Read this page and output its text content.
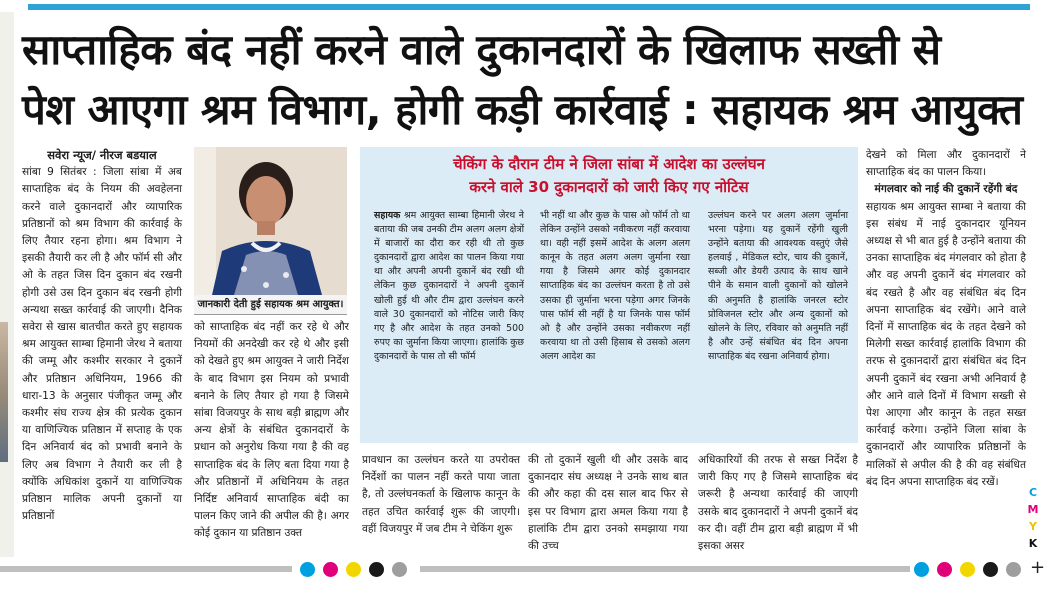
साप्ताहिक बंद नहीं करने वाले दुकानदारों के खिलाफ सख्ती से
पेश आएगा श्रम विभाग, होगी कड़ी कार्रवाई : सहायक श्रम आयुक्त

सवेरा न्यूज/ नीरज बडयाल

सांबा 9 सितंबर : जिला सांबा में अब साप्ताहिक बंद के नियम की अवहेलना करने वाले दुकानदारों और व्यापारिक प्रतिष्ठानों को श्रम विभाग की कार्रवाई के लिए तैयार रहना होगा। श्रम विभाग ने इसकी तैयारी कर ली है और फॉर्म सी और ओ के तहत जिस दिन दुकान बंद रखनी होगी उसे उस दिन दुकान बंद रखनी होगी अन्यथा सख्त कार्रवाई की जाएगी। दैनिक सवेरा से खास बातचीत करते हुए सहायक श्रम आयुक्त साम्बा हिमानी जेरथ ने बताया की जम्मू और कश्मीर सरकार ने दुकानें और प्रतिष्ठान अधिनियम, 1966 की धारा-13 के अनुसार पंजीकृत जम्मू और कश्मीर संघ राज्य क्षेत्र की प्रत्येक दुकान या वाणिज्यिक प्रतिष्ठान में सप्ताह के एक दिन अनिवार्य बंद को प्रभावी बनाने के लिए अब विभाग ने तैयारी कर ली है क्योंकि अधिकांश दुकानें या वाणिज्यिक प्रतिष्ठान मालिक अपनी दुकानों या प्रतिष्ठानों

जानकारी देती हुई सहायक श्रम आयुक्त।

को साप्ताहिक बंद नहीं कर रहे थे और नियमों की अनदेखी कर रहे थे और इसी को देखते हुए श्रम आयुक्त ने जारी निर्देश के बाद विभाग इस नियम को प्रभावी बनाने के लिए तैयार हो गया है जिसमे सांबा विजयपुर के साथ बड़ी ब्राह्मण और अन्य क्षेत्रों के संबंधित दुकानदारों के प्रधान को अनुरोध किया गया है की वह साप्ताहिक बंद के लिए बता दिया गया है और प्रतिष्ठानों में अधिनियम के तहत निर्दिष्ट अनिवार्य साप्ताहिक बंदी का पालन किए जाने की अपील की है। अगर कोई दुकान या प्रतिष्ठान उक्त

चेकिंग के दौरान टीम ने जिला सांबा में आदेश का उल्लंघन
करने वाले 30 दुकानदारों को जारी किए गए नोटिस
सहायक श्रम आयुक्त साम्बा हिमानी जेरथ ने बताया की जब उनकी टीम अलग अलग क्षेत्रों में बाजारों का दौरा कर रही थी तो कुछ दुकानदारों द्वारा आदेश का पालन किया गया था और अपनी अपनी दुकानें बंद रखी थी लेकिन कुछ दुकानदारों ने अपनी दुकानें खोली हुई थी और टीम द्वारा उल्लंघन करने वाले 30 दुकानदारों को नोटिस जारी किए गए है और आदेश के तहत उनको 500 रुपए का जुर्माना किया जाएगा। हालांकि कुछ दुकानदारों के पास तो सी फॉर्म
भी नहीं था और कुछ के पास ओ फॉर्म तो था लेकिन उन्होंने उसको नवीकरण नहीं करवाया था। वही नहीं इसमें आदेश के अलग अलग कानून के तहत अलग अलग जुर्माना रखा गया है जिसमे अगर कोई दुकानदार साप्ताहिक बंद का उल्लंघन करता है तो उसे उसका ही जुर्माना भरना पड़ेगा अगर जिनके पास फॉर्म सी नहीं है या जिनके पास फॉर्म ओ है और उन्होंने उसका नवीकरण नहीं करवाया था तो उसी हिसाब से उसको अलग अलग आदेश का
उल्लंघन करने पर अलग अलग जुर्माना भरना पड़ेगा। यह दुकानें रहेंगी खुली उन्होंने बताया की आवश्यक वस्तुएं जैसे हलवाई , मेडिकल स्टोर, चाय की दुकानें, सब्जी और डेयरी उत्पाद के साथ खाने पीने के समान वाली दुकानों को खोलने की अनुमति है हालांकि जनरल स्टोर प्रोविजनल स्टोर और अन्य दुकानों को खोलने के लिए, रविवार को अनुमति नहीं है और उन्हें संबंधित बंद दिन अपना साप्ताहिक बंद रखना अनिवार्य होगा।
प्रावधान का उल्लंघन करते या उपरोक्त निर्देशों का पालन नहीं करते पाया जाता है, तो उल्लंघनकर्ता के खिलाफ कानून के तहत उचित कार्रवाई शुरू की जाएगी। वहीं विजयपुर में जब टीम ने चेकिंग शुरू
की तो दुकानें खुली थी और उसके बाद दुकानदार संघ अध्यक्ष ने उनके साथ बात की और कहा की दस साल बाद फिर से इस पर विभाग द्वारा अमल किया गया है हालांकि टीम द्वारा उनको समझाया गया की उच्च
अधिकारियों की तरफ से सख्त निर्देश है जारी किए गए है जिसमे साप्ताहिक बंद जरूरी है अन्यथा कार्रवाई की जाएगी उसके बाद दुकानदारों ने अपनी दुकानें बंद कर दी। वहीं टीम द्वारा बड़ी ब्राह्मण में भी इसका असर

देखने को मिला और दुकानदारों ने साप्ताहिक बंद का पालन किया।

मंगलवार को नाई की दुकानें रहेंगी बंद

सहायक श्रम आयुक्त साम्बा ने बताया की इस संबंध में नाई दुकानदार यूनियन अध्यक्ष से भी बात हुई है उन्होंने बताया की उनका साप्ताहिक बंद मंगलवार को होता है और वह अपनी दुकानें बंद मंगलवार को बंद रखते है और वह संबंधित बंद दिन अपना साप्ताहिक बंद रखेंगे। आने वाले दिनों में साप्ताहिक बंद के तहत देखने को मिलेगी सख्त कार्रवाई हालांकि विभाग की तरफ से दुकानदारों द्वारा संबंधित बंद दिन अपनी दुकानें बंद रखना अभी अनिवार्य है और आने वाले दिनों में विभाग सख्ती से पेश आएगा और कानून के तहत सख्त कार्रवाई करेगा। उन्होंने जिला सांबा के दुकानदारों और व्यापारिक प्रतिष्ठानों के मालिकों से अपील की है की वह संबंधित बंद दिन अपना साप्ताहिक बंद रखें।

C
M
Y
K
+
